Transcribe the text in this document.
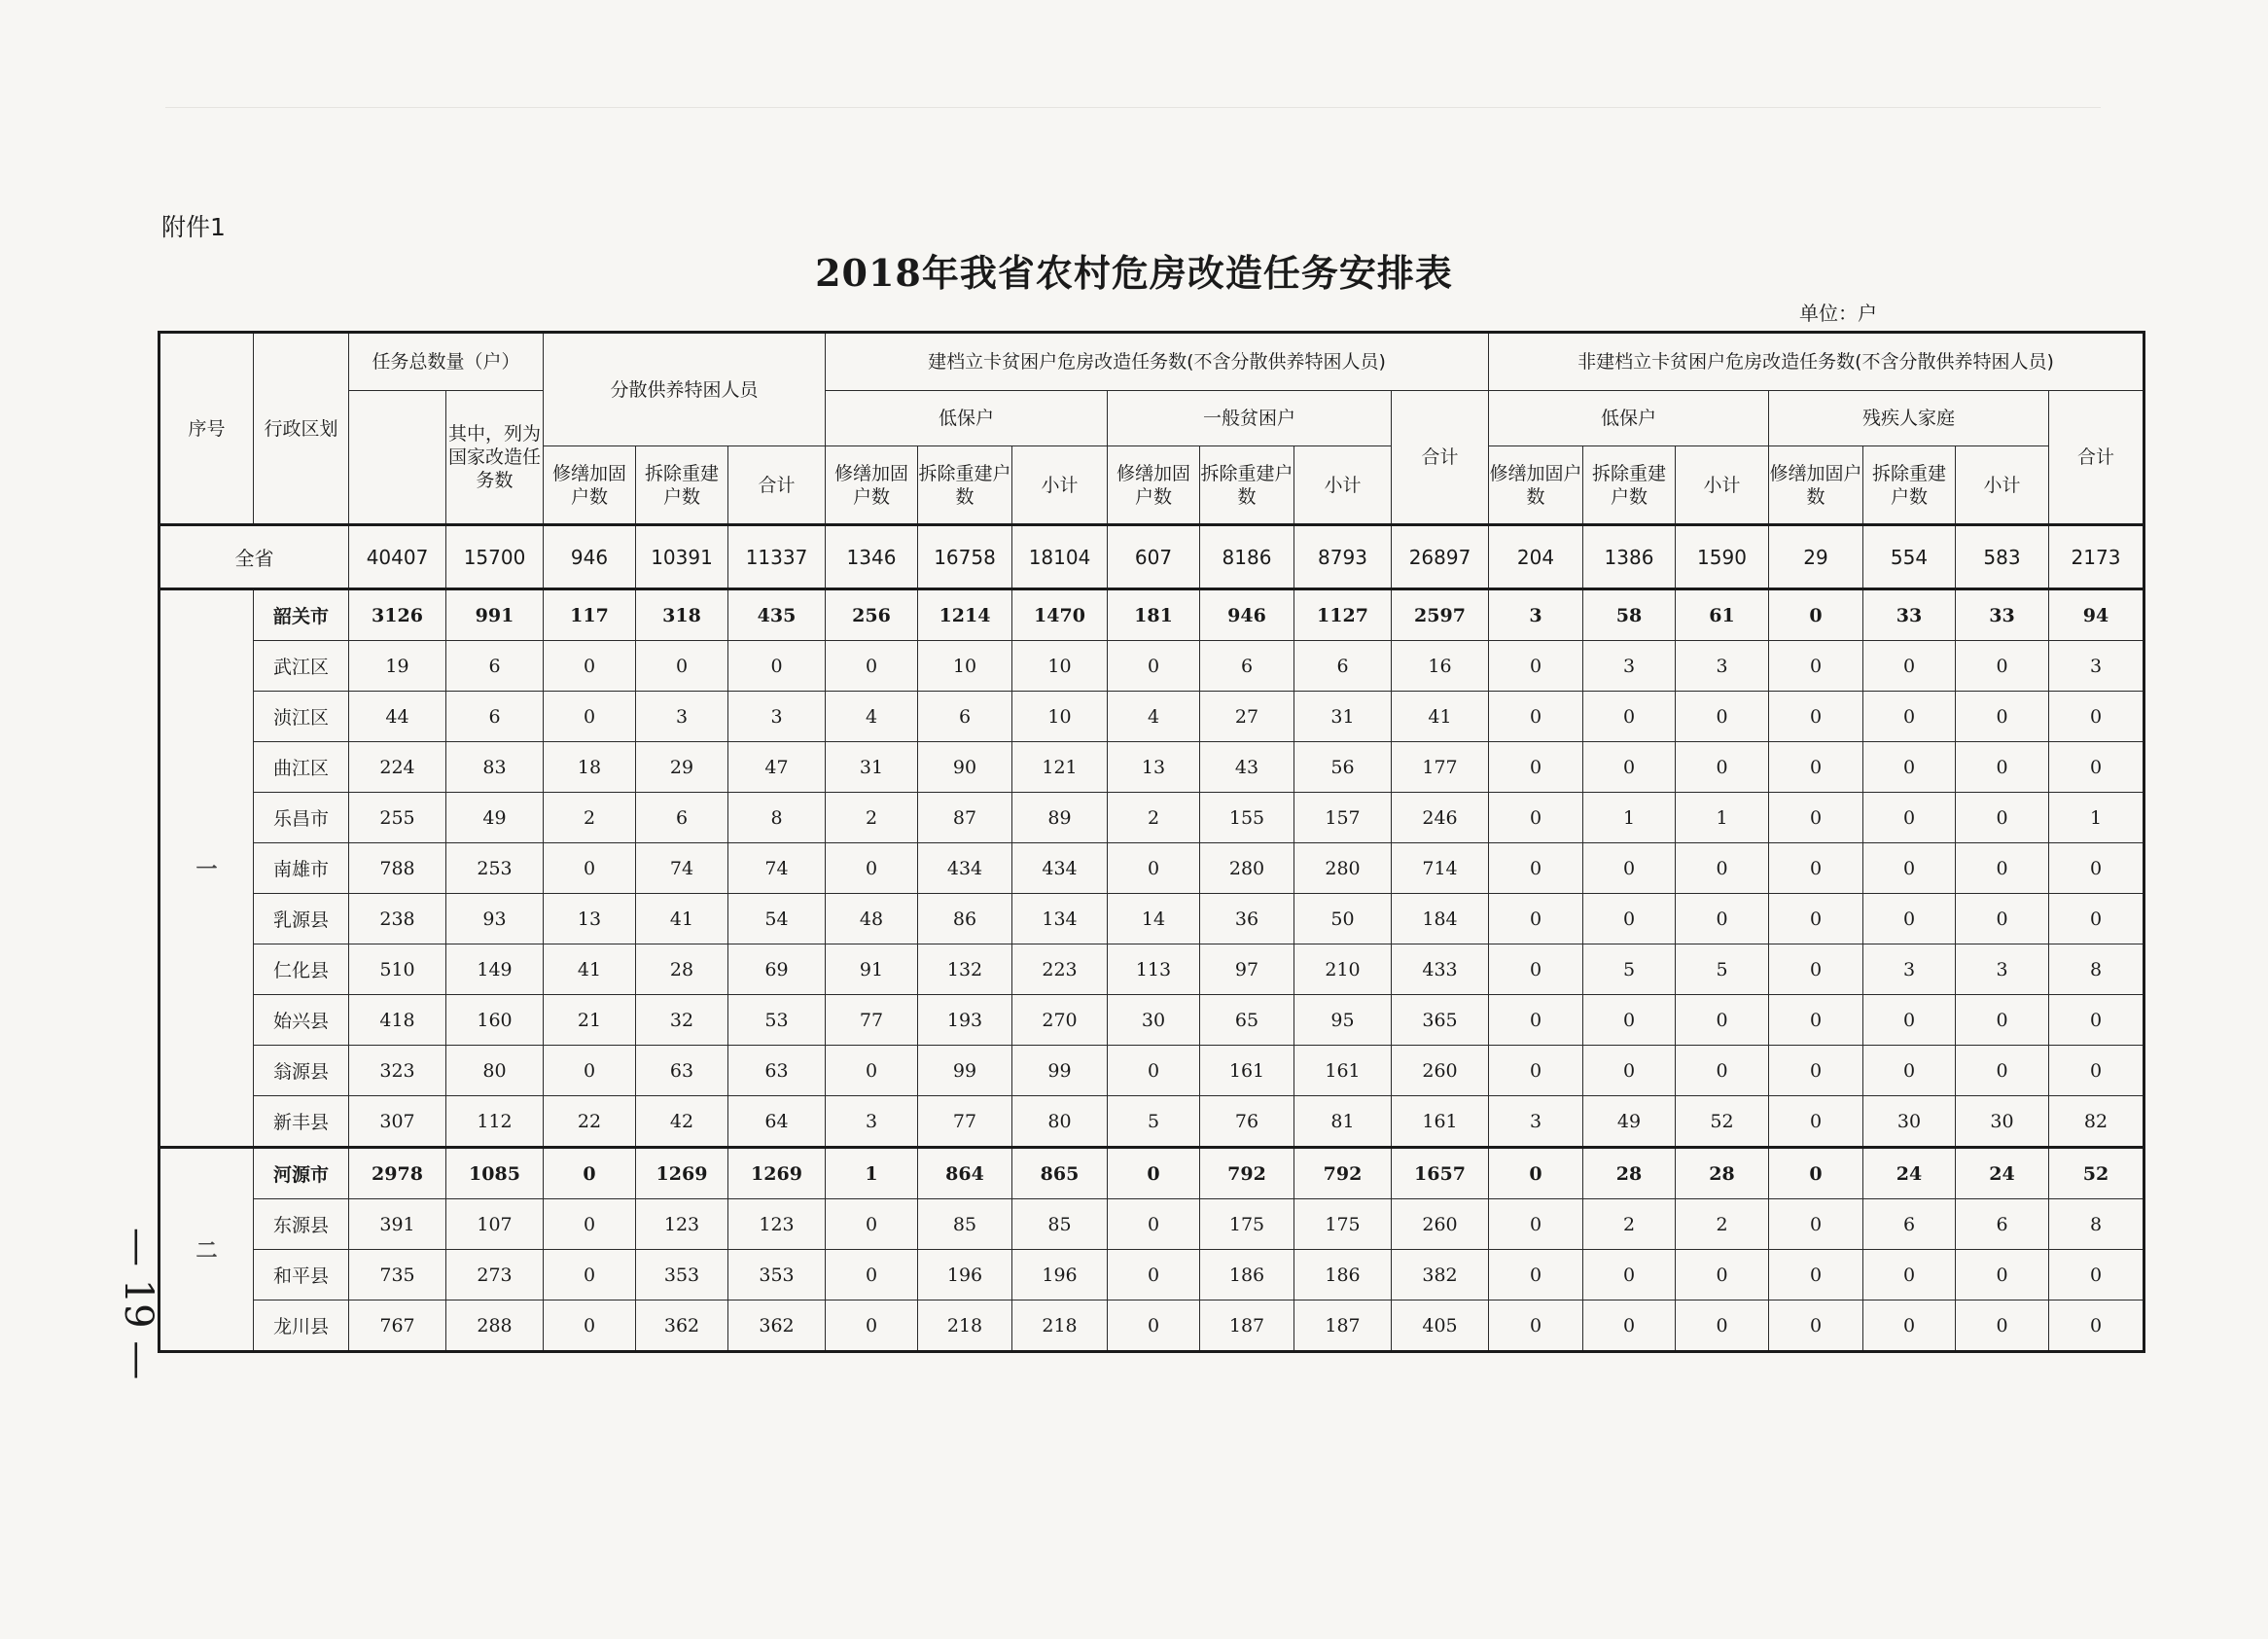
附件1
2018年我省农村危房改造任务安排表
单位：户
— 19 —
序号	行政区划	任务总数量（户）		分散供养特困人员			建档立卡贫困户危房改造任务数(不含分散供养特困人员)							非建档立卡贫困户危房改造任务数(不含分散供养特困人员)						
			其中，列为国家改造任务数				低保户			一般贫困户			合计	低保户			残疾人家庭			合计
				修缮加固户数	拆除重建户数	合计	修缮加固户数	拆除重建户数	小计	修缮加固户数	拆除重建户数	小计		修缮加固户数	拆除重建户数	小计	修缮加固户数	拆除重建户数	小计	
全省		40407	15700	946	10391	11337	1346	16758	18104	607	8186	8793	26897	204	1386	1590	29	554	583	2173
一	韶关市	3126	991	117	318	435	256	1214	1470	181	946	1127	2597	3	58	61	0	33	33	94
	武江区	19	6	0	0	0	0	10	10	0	6	6	16	0	3	3	0	0	0	3
	浈江区	44	6	0	3	3	4	6	10	4	27	31	41	0	0	0	0	0	0	0
	曲江区	224	83	18	29	47	31	90	121	13	43	56	177	0	0	0	0	0	0	0
	乐昌市	255	49	2	6	8	2	87	89	2	155	157	246	0	1	1	0	0	0	1
	南雄市	788	253	0	74	74	0	434	434	0	280	280	714	0	0	0	0	0	0	0
	乳源县	238	93	13	41	54	48	86	134	14	36	50	184	0	0	0	0	0	0	0
	仁化县	510	149	41	28	69	91	132	223	113	97	210	433	0	5	5	0	3	3	8
	始兴县	418	160	21	32	53	77	193	270	30	65	95	365	0	0	0	0	0	0	0
	翁源县	323	80	0	63	63	0	99	99	0	161	161	260	0	0	0	0	0	0	0
	新丰县	307	112	22	42	64	3	77	80	5	76	81	161	3	49	52	0	30	30	82
二	河源市	2978	1085	0	1269	1269	1	864	865	0	792	792	1657	0	28	28	0	24	24	52
	东源县	391	107	0	123	123	0	85	85	0	175	175	260	0	2	2	0	6	6	8
	和平县	735	273	0	353	353	0	196	196	0	186	186	382	0	0	0	0	0	0	0
	龙川县	767	288	0	362	362	0	218	218	0	187	187	405	0	0	0	0	0	0	0
